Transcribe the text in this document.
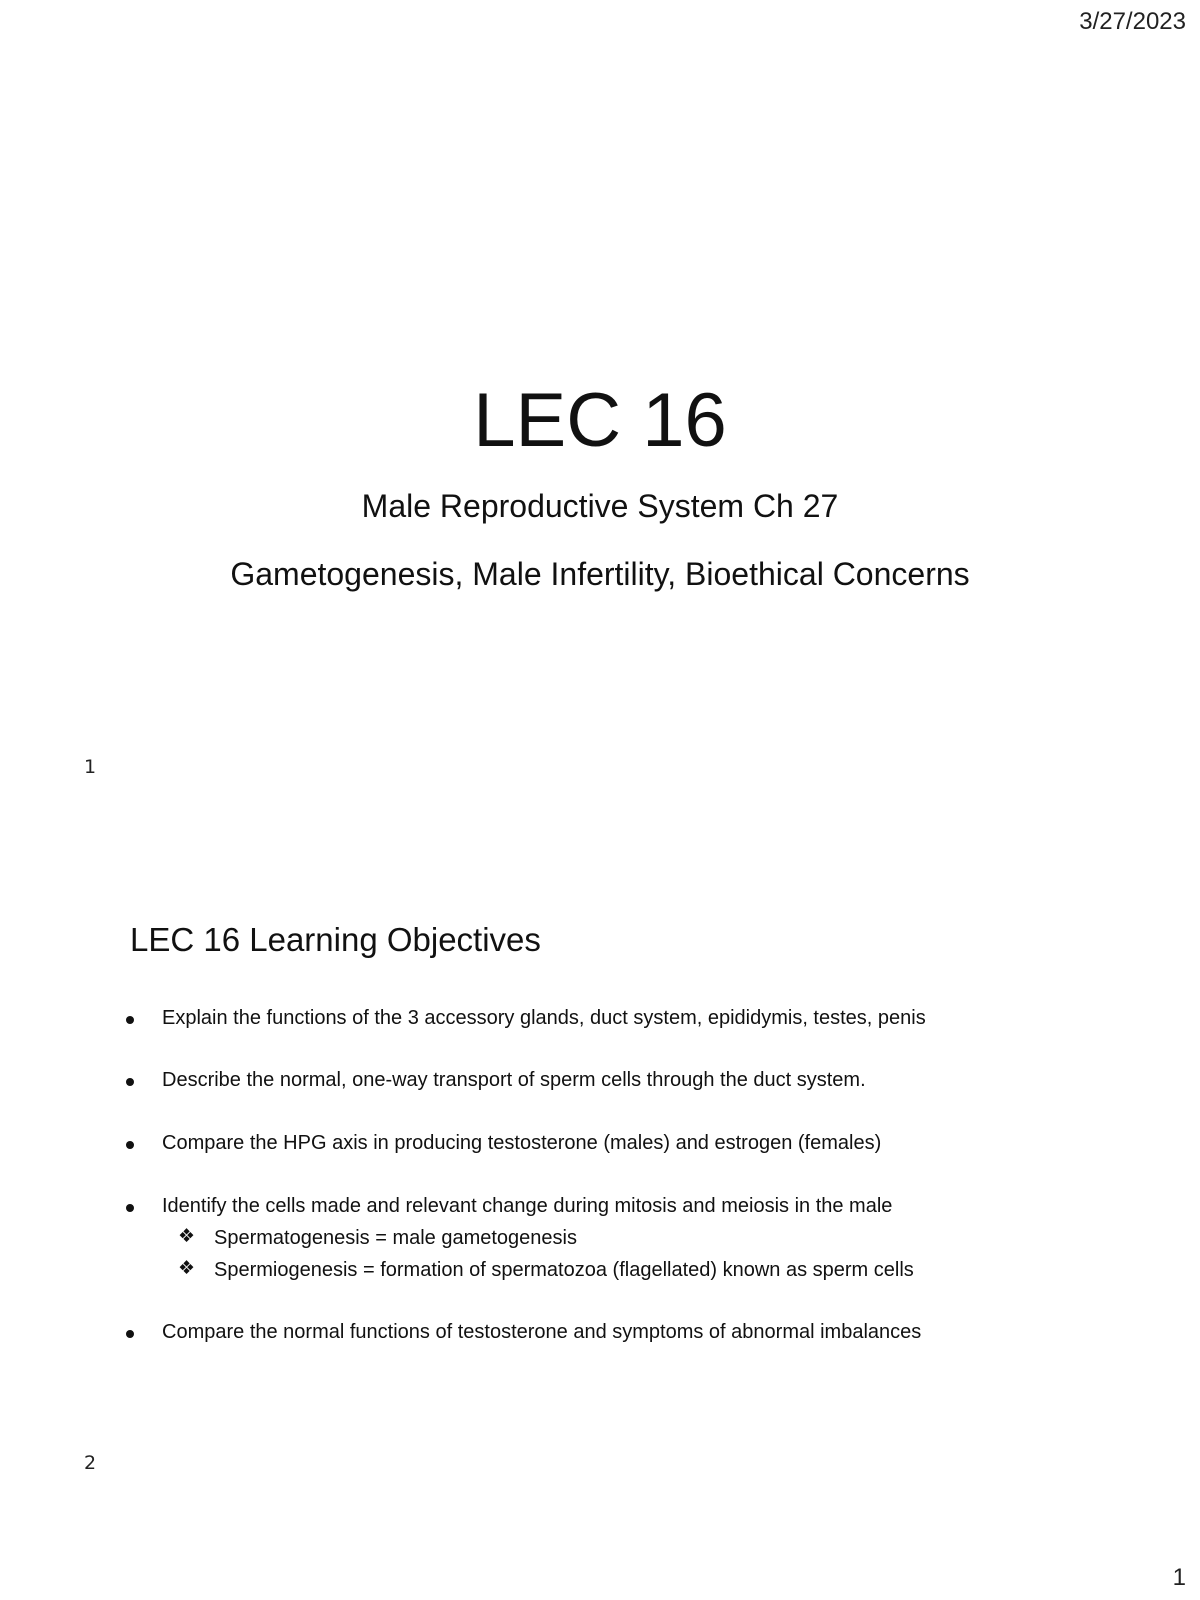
3/27/2023
LEC 16
Male Reproductive System Ch 27
Gametogenesis, Male Infertility, Bioethical Concerns
1
LEC 16 Learning Objectives
Explain the functions of the 3 accessory glands, duct system, epididymis, testes, penis
Describe the normal, one-way transport of sperm cells through the duct system.
Compare the HPG axis in producing testosterone (males) and estrogen (females)
Identify the cells made and relevant change during mitosis and meiosis in the male
❖ Spermatogenesis = male gametogenesis
❖ Spermiogenesis = formation of spermatozoa (flagellated) known as sperm cells
Compare the normal functions of testosterone and symptoms of abnormal imbalances
2
1
